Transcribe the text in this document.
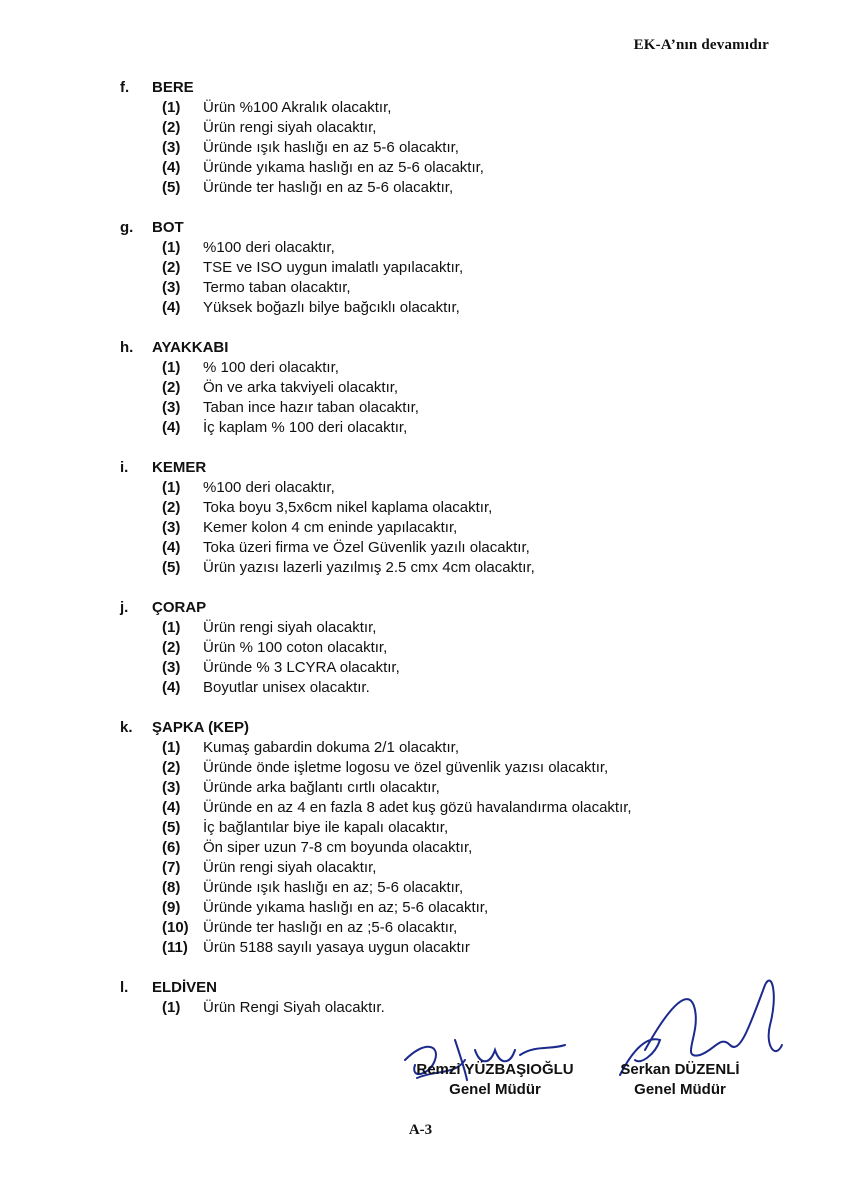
EK-A’nın devamıdır
f.	BERE
(1)	Ürün %100 Akralık olacaktır,
(2)	Ürün rengi siyah olacaktır,
(3)	Üründe ışık haslığı en az 5-6 olacaktır,
(4)	Üründe yıkama haslığı en az 5-6 olacaktır,
(5)	Üründe ter haslığı en az 5-6 olacaktır,
g.	BOT
(1)	%100 deri olacaktır,
(2)	TSE ve ISO uygun imalatlı yapılacaktır,
(3)	Termo taban olacaktır,
(4)	Yüksek boğazlı bilye bağcıklı olacaktır,
h.	AYAKKABI
(1)	% 100 deri olacaktır,
(2)	Ön ve arka takviyeli olacaktır,
(3)	Taban ince hazır taban olacaktır,
(4)	İç kaplam % 100 deri olacaktır,
i.	KEMER
(1)	%100 deri olacaktır,
(2)	Toka boyu 3,5x6cm nikel kaplama olacaktır,
(3)	Kemer kolon 4 cm eninde yapılacaktır,
(4)	Toka üzeri firma ve Özel Güvenlik yazılı olacaktır,
(5)	Ürün yazısı lazerli yazılmış 2.5 cmx 4cm olacaktır,
j.	ÇORAP
(1)	Ürün rengi siyah olacaktır,
(2)	Ürün % 100 coton olacaktır,
(3)	Üründe % 3 LCYRA olacaktır,
(4)	Boyutlar unisex olacaktır.
k.	ŞAPKA (KEP)
(1)	Kumaş gabardin dokuma 2/1 olacaktır,
(2)	Üründe önde işletme logosu ve özel güvenlik yazısı olacaktır,
(3)	Üründe arka bağlantı cırtlı olacaktır,
(4)	Üründe en az 4 en fazla 8 adet kuş gözü havalandırma olacaktır,
(5)	İç bağlantılar biye ile kapalı olacaktır,
(6)	Ön siper uzun 7-8 cm boyunda olacaktır,
(7)	Ürün rengi siyah olacaktır,
(8)	Üründe ışık haslığı en az; 5-6 olacaktır,
(9)	Üründe yıkama haslığı en az; 5-6 olacaktır,
(10) Üründe ter haslığı en az ;5-6 olacaktır,
(11)	Ürün 5188 sayılı yasaya uygun olacaktır
l.	ELDİVEN
(1)	Ürün Rengi Siyah olacaktır.
Remzi YÜZBAŞIOĞLU
Genel Müdür
Serkan DÜZENLİ
Genel Müdür
A-3
